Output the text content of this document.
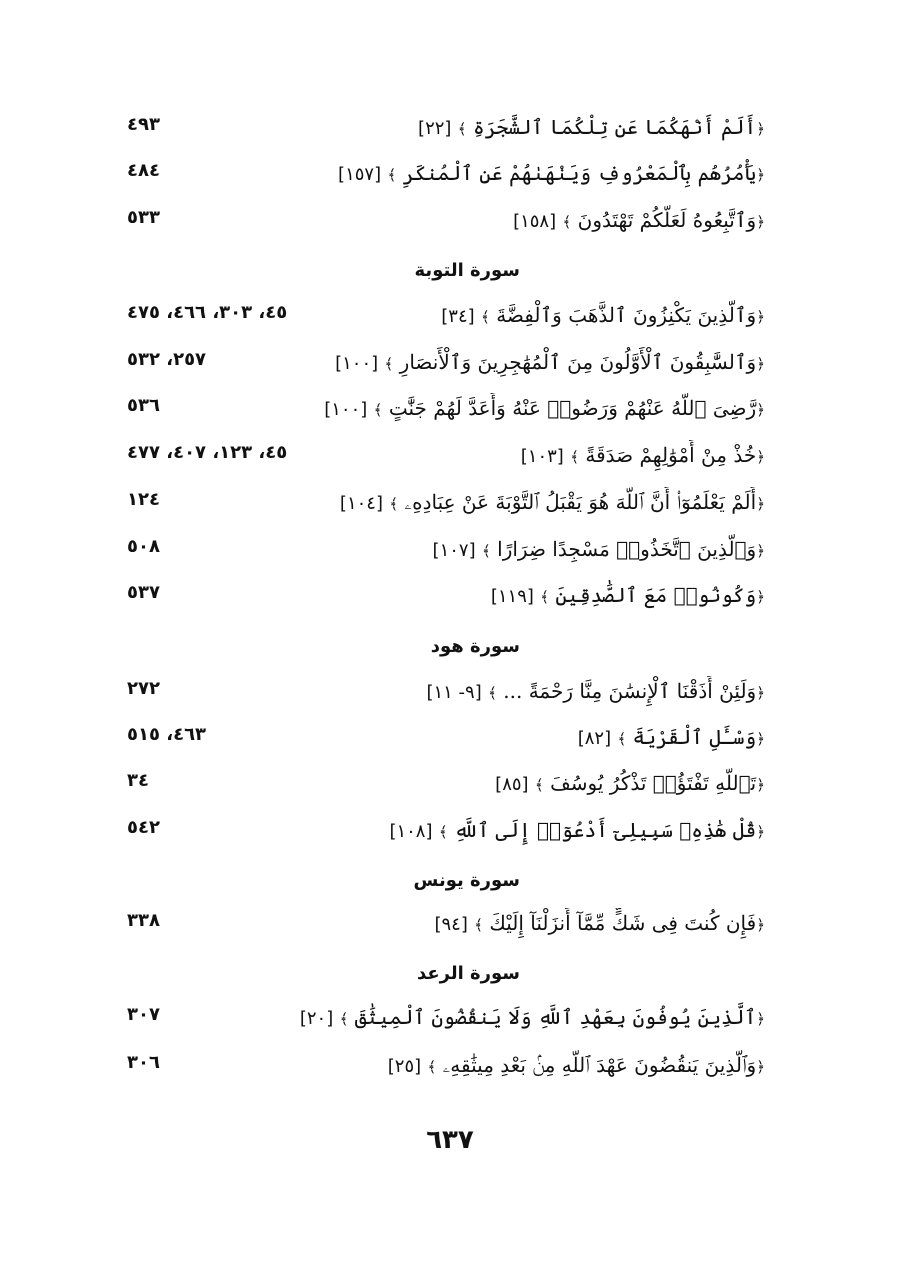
﴿أَلَمْ أَنْهَكُمَا عَن تِلْكُمَا ٱلشَّجَرَةِ ﴾ [٢٢]
٤٩٣
﴿يَأْمُرُهُم بِٱلْمَعْرُوفِ وَيَنْهَىٰهُمْ عَنِ ٱلْمُنكَرِ ﴾ [١٥٧]
٤٨٤
﴿وَٱتَّبِعُوهُ لَعَلَّكُمْ تَهْتَدُونَ ﴾ [١٥٨]
٥٣٣
سورة التوبة
﴿وَٱلَّذِينَ يَكْنِزُونَ ٱلذَّهَبَ وَٱلْفِضَّةَ ﴾ [٣٤]
٤٥، ٣٠٣، ٤٦٦، ٤٧٥
﴿وَٱلسَّٰبِقُونَ ٱلْأَوَّلُونَ مِنَ ٱلْمُهَٰجِرِينَ وَٱلْأَنصَارِ ﴾ [١٠٠]
٢٥٧، ٥٣٢
﴿رَّضِىَ ٱللَّهُ عَنْهُمْ وَرَضُوا۟ عَنْهُ وَأَعَدَّ لَهُمْ جَنَّٰتٍ ﴾ [١٠٠]
٥٣٦
﴿خُذْ مِنْ أَمْوَٰلِهِمْ صَدَقَةً ﴾ [١٠٣]
٤٥، ١٢٣، ٤٠٧، ٤٧٧
﴿أَلَمْ يَعْلَمُوٓا۟ أَنَّ ٱللَّهَ هُوَ يَقْبَلُ ٱلتَّوْبَةَ عَنْ عِبَادِهِۦ ﴾ [١٠٤]
١٢٤
﴿وَٱلَّذِينَ ٱتَّخَذُوا۟ مَسْجِدًا ضِرَارًا ﴾ [١٠٧]
٥٠٨
﴿وَكُونُوا۟ مَعَ ٱلصَّٰدِقِينَ ﴾ [١١٩]
٥٣٧
سورة هود
﴿وَلَئِنْ أَذَقْنَا ٱلْإِنسَٰنَ مِنَّا رَحْمَةً ... ﴾ [٩- ١١]
٢٧٢
﴿وَسْـَٔلِ ٱلْقَرْيَةَ ﴾ [٨٢]
٤٦٣، ٥١٥
﴿تَٱللَّهِ تَفْتَؤُا۟ تَذْكُرُ يُوسُفَ ﴾ [٨٥]
٣٤
﴿قُلْ هَٰذِهِۦ سَبِيلِىٓ أَدْعُوٓا۟ إِلَى ٱللَّهِ ﴾ [١٠٨]
٥٤٢
سورة يونس
﴿فَإِن كُنتَ فِى شَكٍّ مِّمَّآ أَنزَلْنَآ إِلَيْكَ ﴾ [٩٤]
٣٣٨
سورة الرعد
﴿ٱلَّذِينَ يُوفُونَ بِعَهْدِ ٱللَّهِ وَلَا يَنقُضُونَ ٱلْمِيثَٰقَ ﴾ [٢٠]
٣٠٧
﴿وَٱلَّذِينَ يَنقُضُونَ عَهْدَ ٱللَّهِ مِنۢ بَعْدِ مِيثَٰقِهِۦ ﴾ [٢٥]
٣٠٦
٦٣٧
